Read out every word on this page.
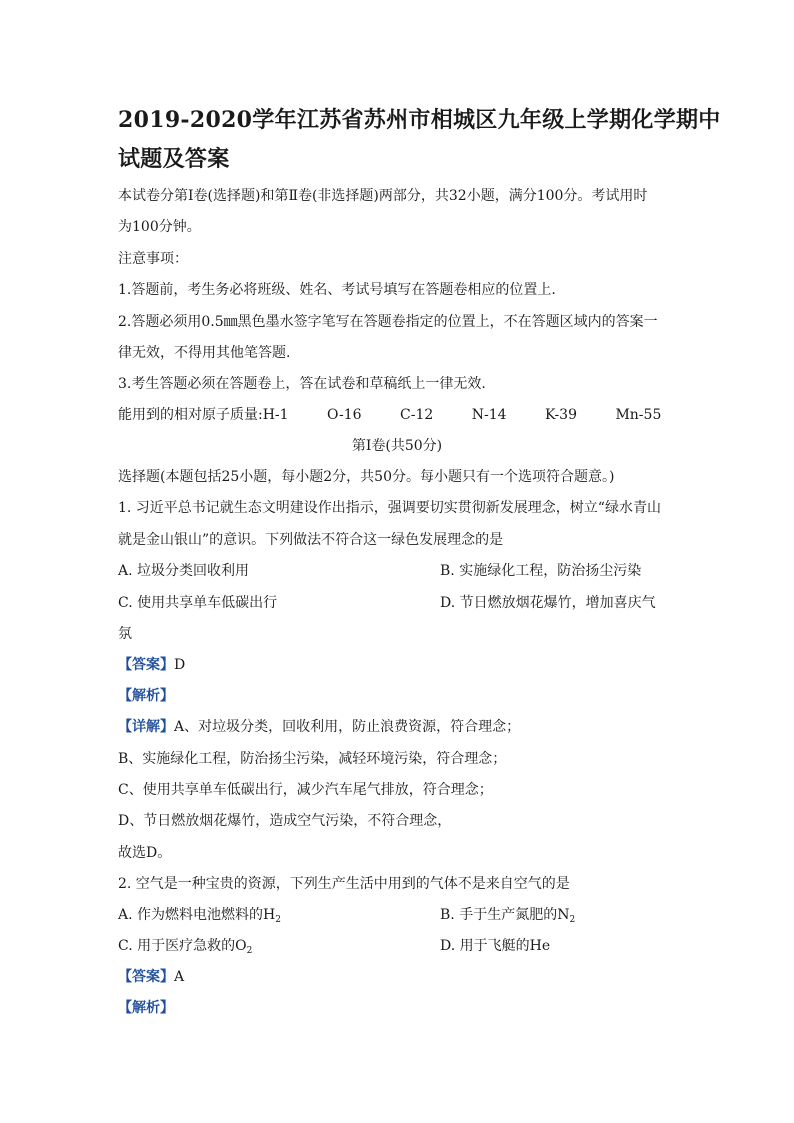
2019-2020学年江苏省苏州市相城区九年级上学期化学期中
试题及答案
本试卷分第Ⅰ卷(选择题)和第Ⅱ卷(非选择题)两部分，共32小题，满分100分。考试用时
为100分钟。
注意事项：
1.答题前，考生务必将班级、姓名、考试号填写在答题卷相应的位置上.
2.答题必须用0.5㎜黑色墨水签字笔写在答题卷指定的位置上，不在答题区域内的答案一
律无效，不得用其他笔答题.
3.考生答题必须在答题卷上，答在试卷和草稿纸上一律无效.
能用到的相对原子质量:H-1	O-16	C-12	N-14	K-39	Mn-55
第Ⅰ卷(共50分)
选择题(本题包括25小题，每小题2分，共50分。每小题只有一个选项符合题意。)
1. 习近平总书记就生态文明建设作出指示，强调要切实贯彻新发展理念，树立“绿水青山
就是金山银山”的意识。下列做法不符合这一绿色发展理念的是
A. 垃圾分类回收利用	B. 实施绿化工程，防治扬尘污染
C. 使用共享单车低碳出行	D. 节日燃放烟花爆竹，增加喜庆气
氛
【答案】D
【解析】
【详解】A、对垃圾分类，回收利用，防止浪费资源，符合理念；
B、实施绿化工程，防治扬尘污染，减轻环境污染，符合理念；
C、使用共享单车低碳出行，减少汽车尾气排放，符合理念；
D、节日燃放烟花爆竹，造成空气污染，不符合理念，
故选D。
2. 空气是一种宝贵的资源，下列生产生活中用到的气体不是来自空气的是
A. 作为燃料电池燃料的$H_2$	B. 手于生产氮肥的$N_2$
C. 用于医疗急救的$O_2$	D. 用于飞艇的He
【答案】A
【解析】
